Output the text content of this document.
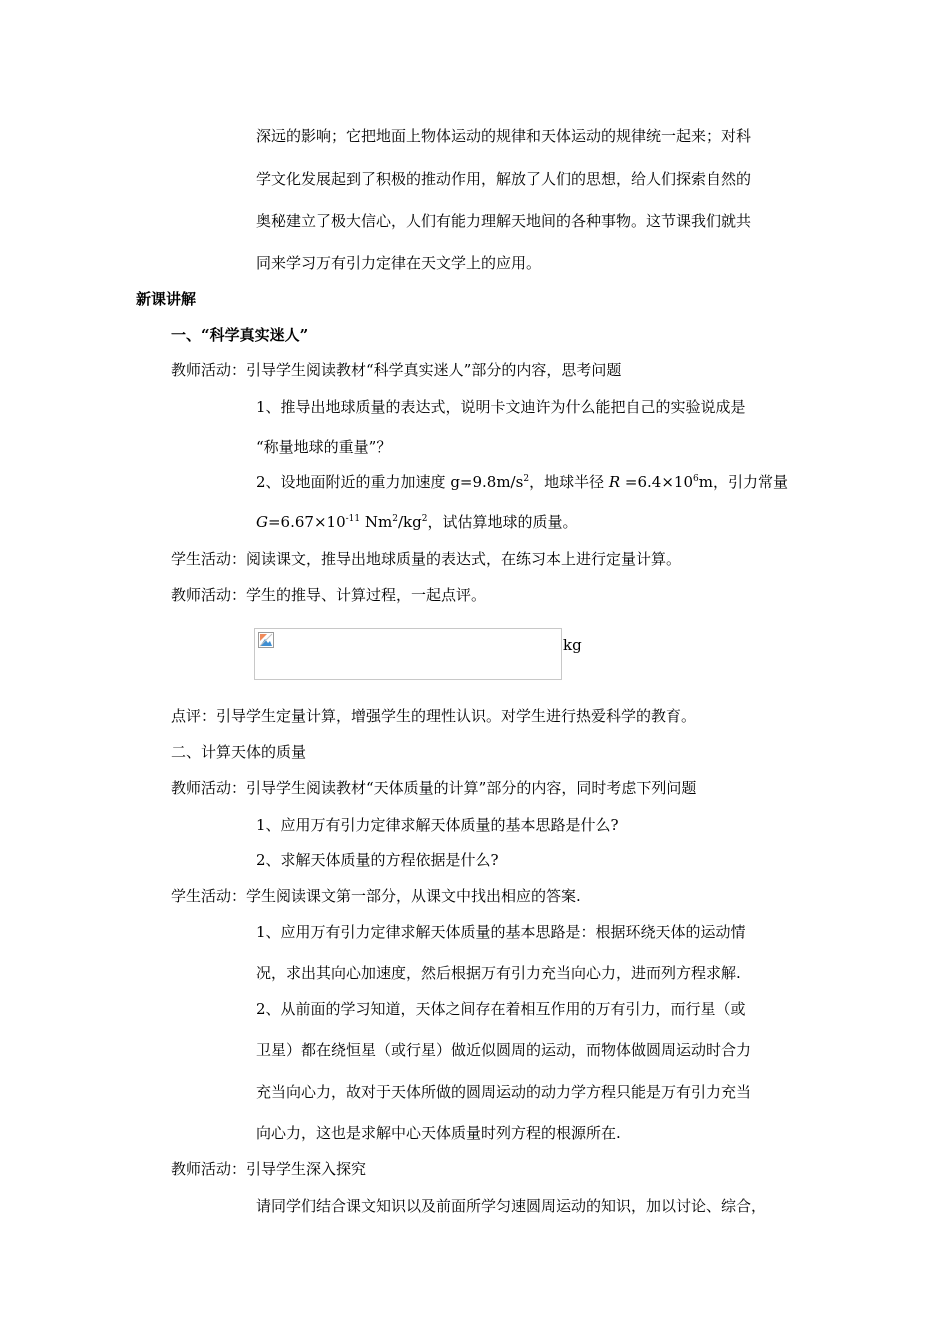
深远的影响；它把地面上物体运动的规律和天体运动的规律统一起来；对科
学文化发展起到了积极的推动作用，解放了人们的思想，给人们探索自然的
奥秘建立了极大信心，人们有能力理解天地间的各种事物。这节课我们就共
同来学习万有引力定律在天文学上的应用。
新课讲解
一、“科学真实迷人”
教师活动：引导学生阅读教材“科学真实迷人”部分的内容，思考问题
1、推导出地球质量的表达式，说明卡文迪许为什么能把自己的实验说成是
“称量地球的重量”？
2、设地面附近的重力加速度 $g=9.8m/s^2$，地球半径 $R =6.4\times 10^6m$，引力常量
$G=6.67\times 10^{-11}$ $Nm^2/kg^2$，试估算地球的质量。
学生活动：阅读课文，推导出地球质量的表达式，在练习本上进行定量计算。
教师活动：学生的推导、计算过程，一起点评。
kg
点评：引导学生定量计算，增强学生的理性认识。对学生进行热爱科学的教育。
二、计算天体的质量
教师活动：引导学生阅读教材“天体质量的计算”部分的内容，同时考虑下列问题
1、应用万有引力定律求解天体质量的基本思路是什么?
2、求解天体质量的方程依据是什么?
学生活动：学生阅读课文第一部分，从课文中找出相应的答案.
1、应用万有引力定律求解天体质量的基本思路是：根据环绕天体的运动情
况，求出其向心加速度，然后根据万有引力充当向心力，进而列方程求解.
2、从前面的学习知道，天体之间存在着相互作用的万有引力，而行星（或
卫星）都在绕恒星（或行星）做近似圆周的运动，而物体做圆周运动时合力
充当向心力，故对于天体所做的圆周运动的动力学方程只能是万有引力充当
向心力，这也是求解中心天体质量时列方程的根源所在.
教师活动：引导学生深入探究
请同学们结合课文知识以及前面所学匀速圆周运动的知识，加以讨论、综合，
